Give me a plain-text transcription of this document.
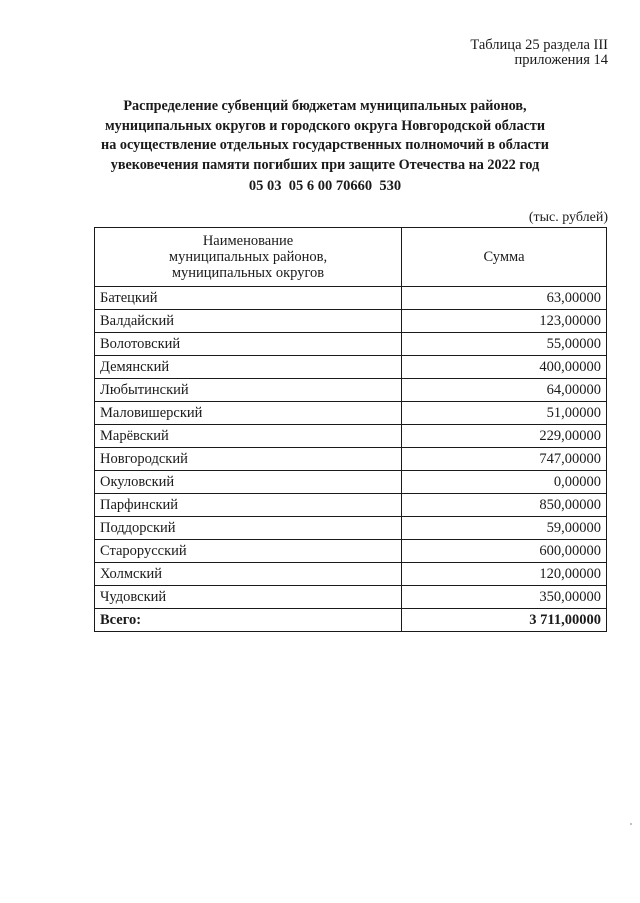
Таблица 25 раздела III
приложения 14
Распределение субвенций бюджетам муниципальных районов,
муниципальных округов и городского округа Новгородской области
на осуществление отдельных государственных полномочий в области
увековечения памяти погибших при защите Отечества на 2022 год
05 03  05 6 00 70660  530
(тыс. рублей)
Наименование
муниципальных районов,
муниципальных округов	Сумма
Батецкий	63,00000
Валдайский	123,00000
Волотовский	55,00000
Демянский	400,00000
Любытинский	64,00000
Маловишерский	51,00000
Марёвский	229,00000
Новгородский	747,00000
Окуловский	0,00000
Парфинский	850,00000
Поддорский	59,00000
Старорусский	600,00000
Холмский	120,00000
Чудовский	350,00000
Всего:	3 711,00000
